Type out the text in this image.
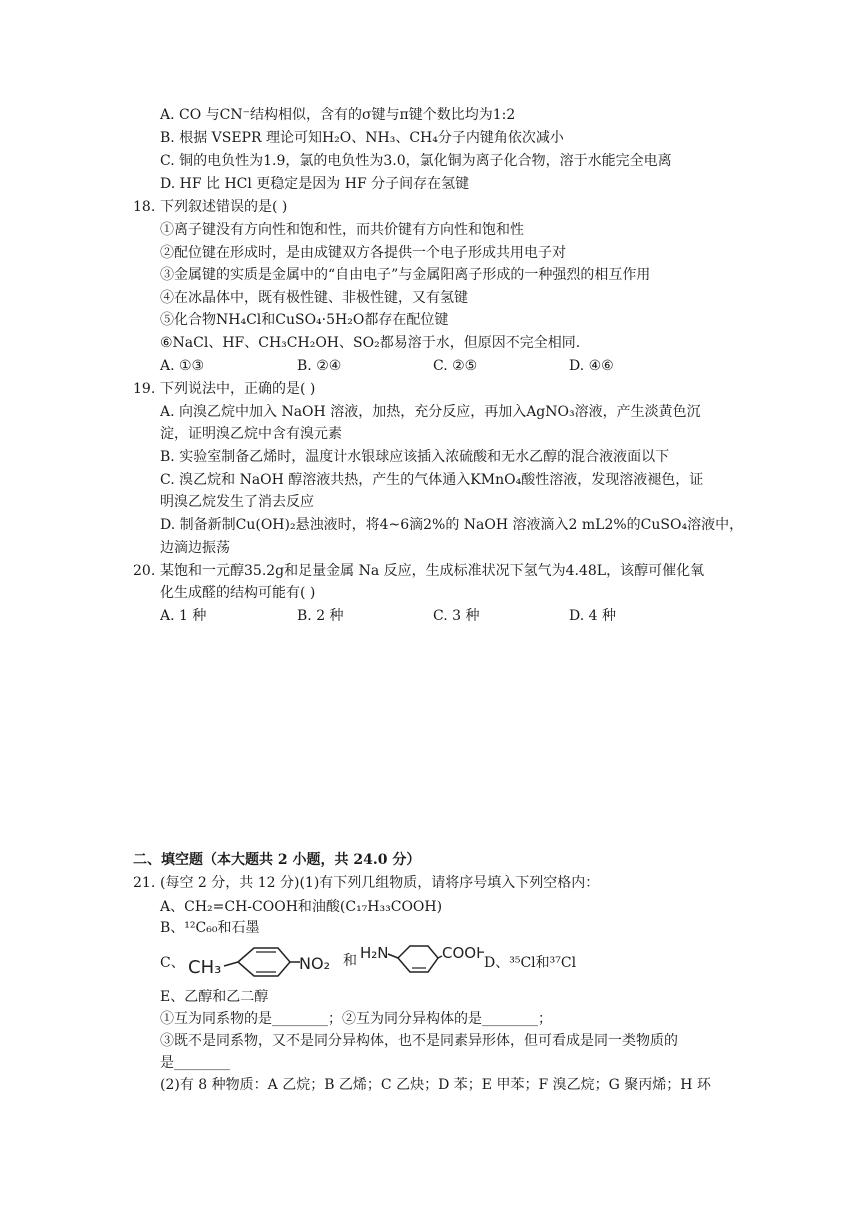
A. CO 与CN⁻结构相似，含有的σ键与π键个数比均为1:2
B. 根据 VSEPR 理论可知H₂O、NH₃、CH₄分子内键角依次减小
C. 铜的电负性为1.9，氯的电负性为3.0，氯化铜为离子化合物，溶于水能完全电离
D. HF 比 HCl 更稳定是因为 HF 分子间存在氢键
18. 下列叙述错误的是( )
①离子键没有方向性和饱和性，而共价键有方向性和饱和性
②配位键在形成时，是由成键双方各提供一个电子形成共用电子对
③金属键的实质是金属中的“自由电子”与金属阳离子形成的一种强烈的相互作用
④在冰晶体中，既有极性键、非极性键，又有氢键
⑤化合物NH₄Cl和CuSO₄·5H₂O都存在配位键
⑥NaCl、HF、CH₃CH₂OH、SO₂都易溶于水，但原因不完全相同.
A. ①③	B. ②④	C. ②⑤	D. ④⑥
19. 下列说法中，正确的是( )
A. 向溴乙烷中加入 NaOH 溶液，加热，充分反应，再加入AgNO₃溶液，产生淡黄色沉
淀，证明溴乙烷中含有溴元素
B. 实验室制备乙烯时，温度计水银球应该插入浓硫酸和无水乙醇的混合液液面以下
C. 溴乙烷和 NaOH 醇溶液共热，产生的气体通入KMnO₄酸性溶液，发现溶液褪色，证
明溴乙烷发生了消去反应
D. 制备新制Cu(OH)₂悬浊液时，将4~6滴2%的 NaOH 溶液滴入2 mL2%的CuSO₄溶液中，
边滴边振荡
20. 某饱和一元醇35.2g和足量金属 Na 反应，生成标准状况下氢气为4.48L，该醇可催化氧
化生成醛的结构可能有( )
A. 1 种	B. 2 种	C. 3 种	D. 4 种
二、填空题（本大题共 2 小题，共 24.0 分）
21. (每空 2 分，共 12 分)(1)有下列几组物质，请将序号填入下列空格内：
A、CH₂=CH-COOH和油酸(C₁₇H₃₃COOH)
B、¹²C₆₀和石墨
C、 CH₃	NO₂ 和 H₂N	COOH
D、³⁵Cl和³⁷Cl
E、乙醇和乙二醇
①互为同系物的是________；②互为同分异构体的是________；
③既不是同系物，又不是同分异构体，也不是同素异形体，但可看成是同一类物质的
是________
(2)有 8 种物质：A 乙烷；B 乙烯；C 乙炔；D 苯；E 甲苯；F 溴乙烷；G 聚丙烯；H 环
